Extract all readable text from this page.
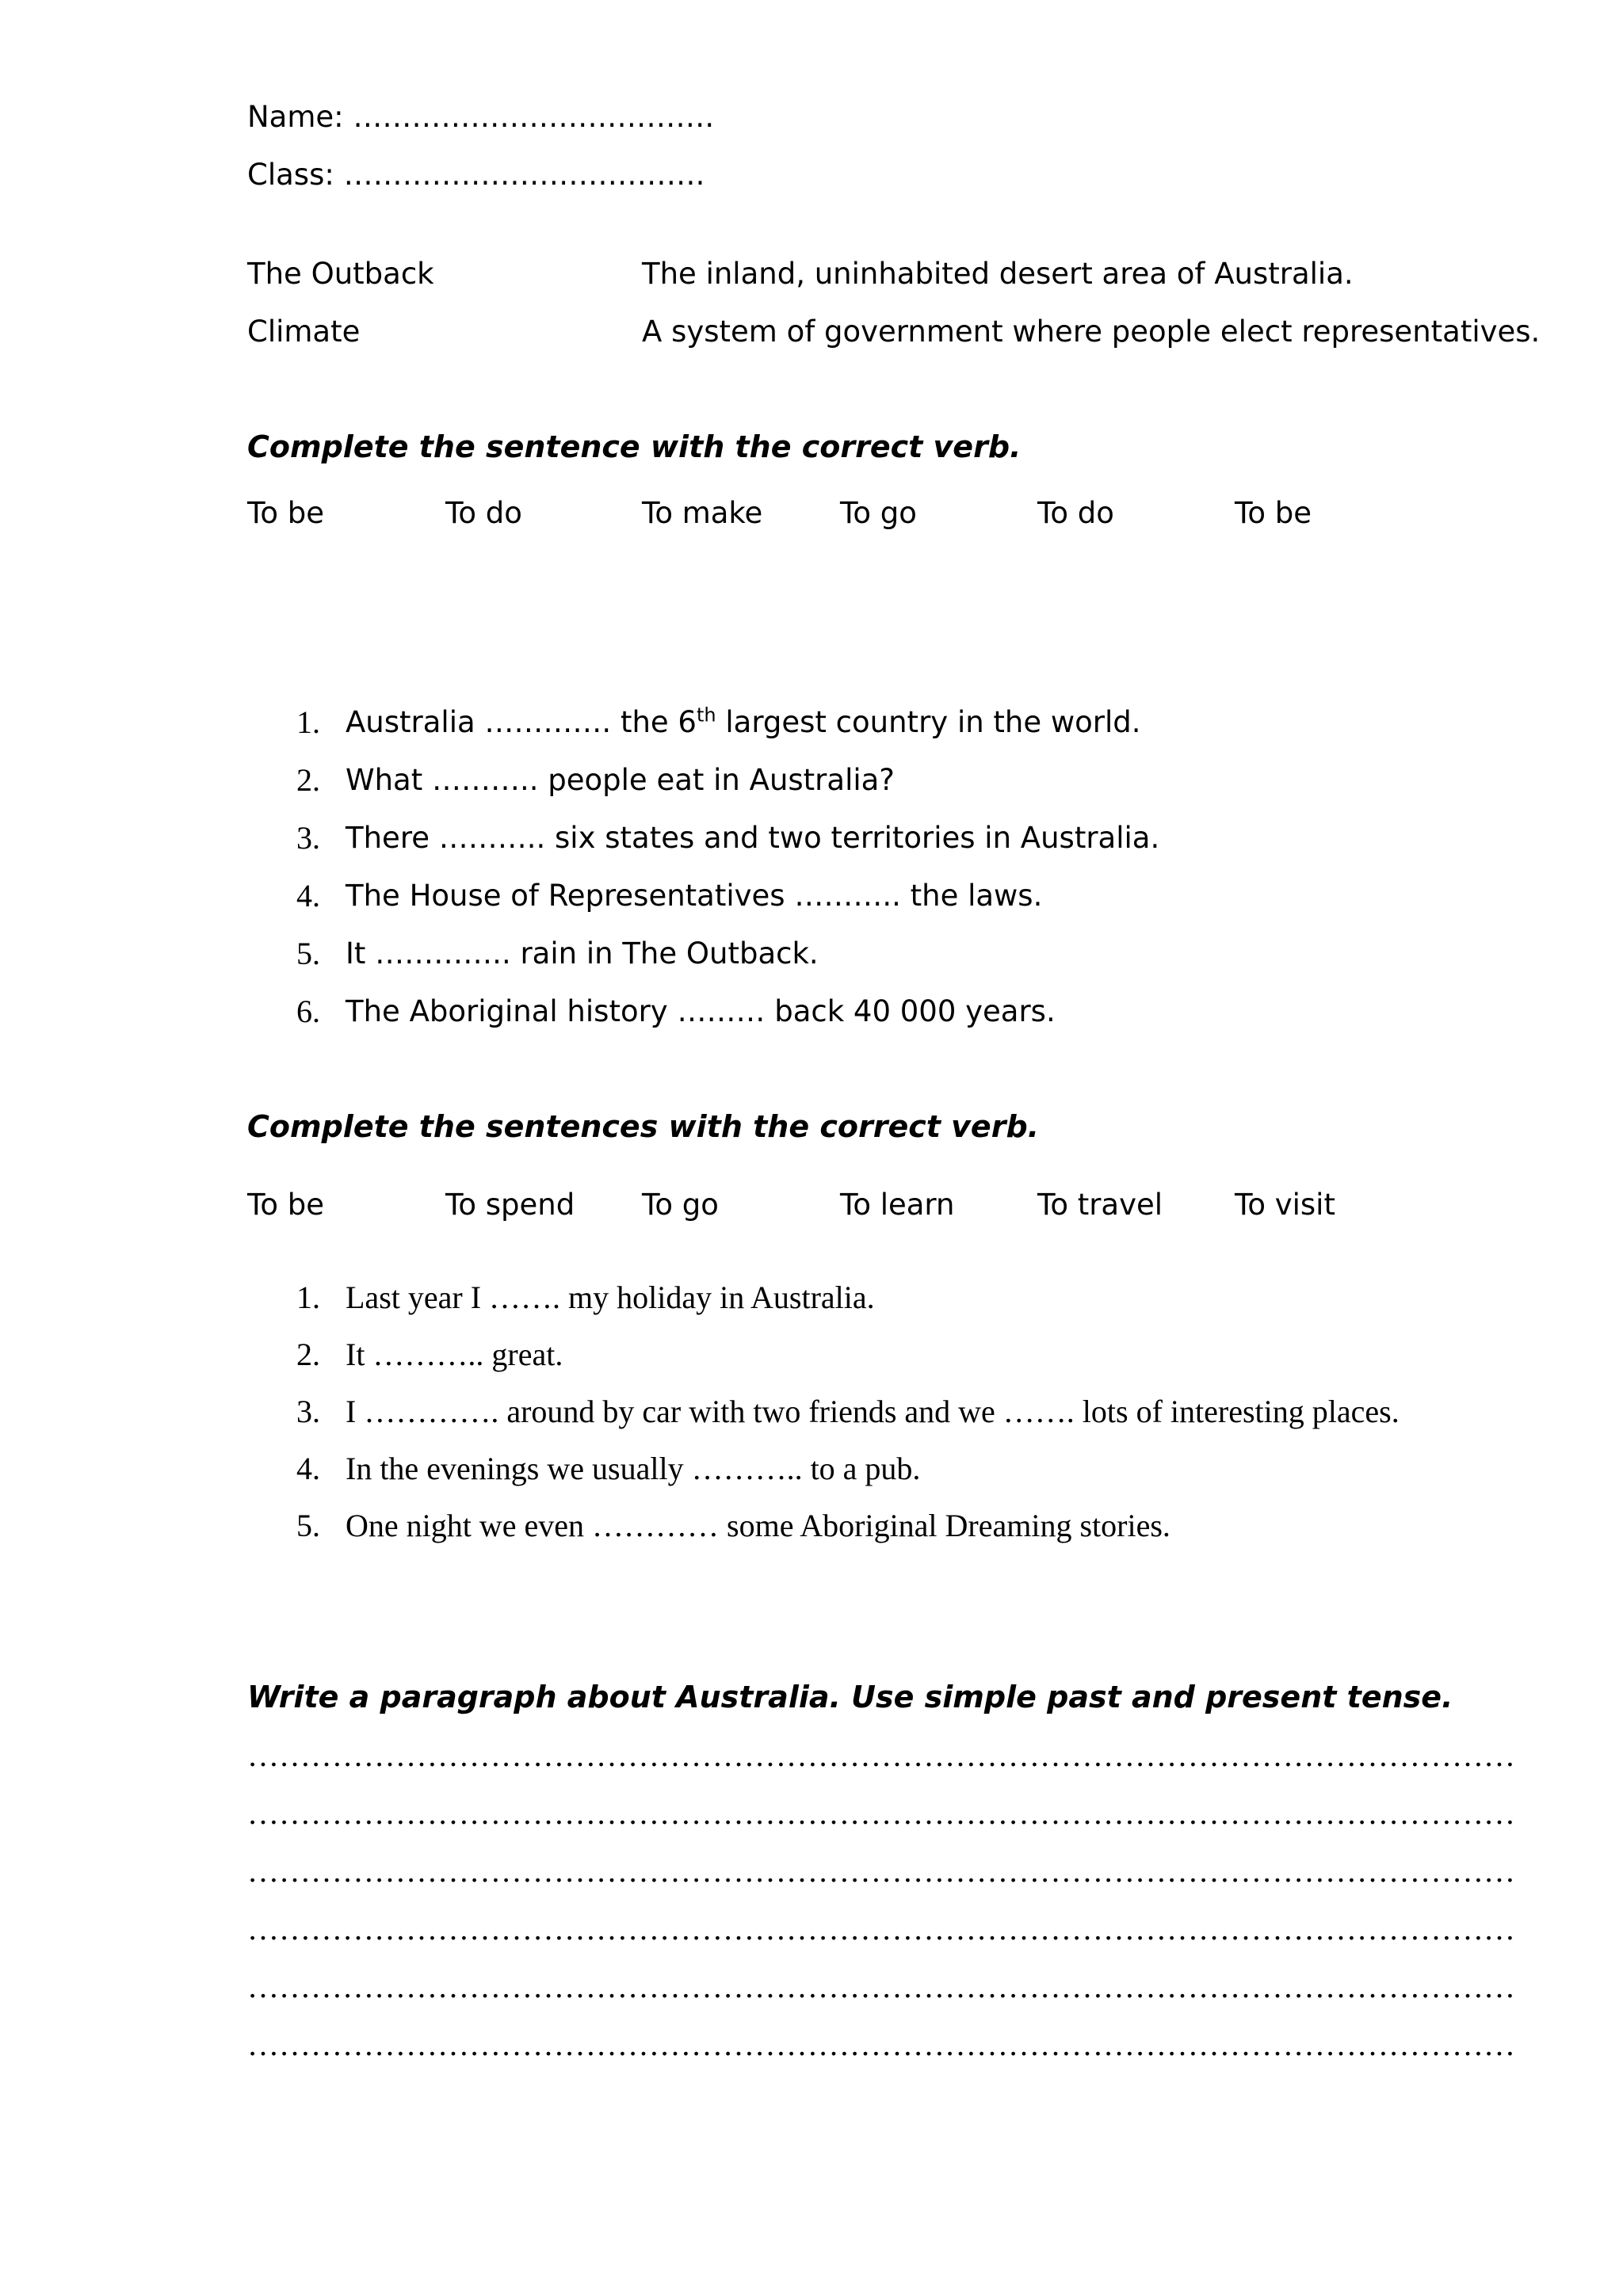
Name: ……………………………….
Class: ……………………………….
The Outback	The inland, uninhabited desert area of Australia.
Climate	A system of government where people elect representatives.
Complete the sentence with the correct verb.
To be	To do	To make	To go	To do	To be
1. Australia …………. the 6th largest country in the world.
2. What ……….. people eat in Australia?
3. There ……….. six states and two territories in Australia.
4. The House of Representatives ……….. the laws.
5. It ………….. rain in The Outback.
6. The Aboriginal history ……… back 40 000 years.
Complete the sentences with the correct verb.
To be	To spend To go	To learn	To travel To visit
1. Last year I ……. my holiday in Australia.
2. It ……….. great.
3. I …………. around by car with two friends and we ……. lots of interesting places.
4. In the evenings we usually ……….. to a pub.
5. One night we even ………… some Aboriginal Dreaming stories.
Write a paragraph about Australia. Use simple past and present tense.
…………………………………………………………………………………………………………
…………………………………………………………………………………………………………
…………………………………………………………………………………………………………
…………………………………………………………………………………………………………
…………………………………………………………………………………………………………
…………………………………………………………………………………………………………
